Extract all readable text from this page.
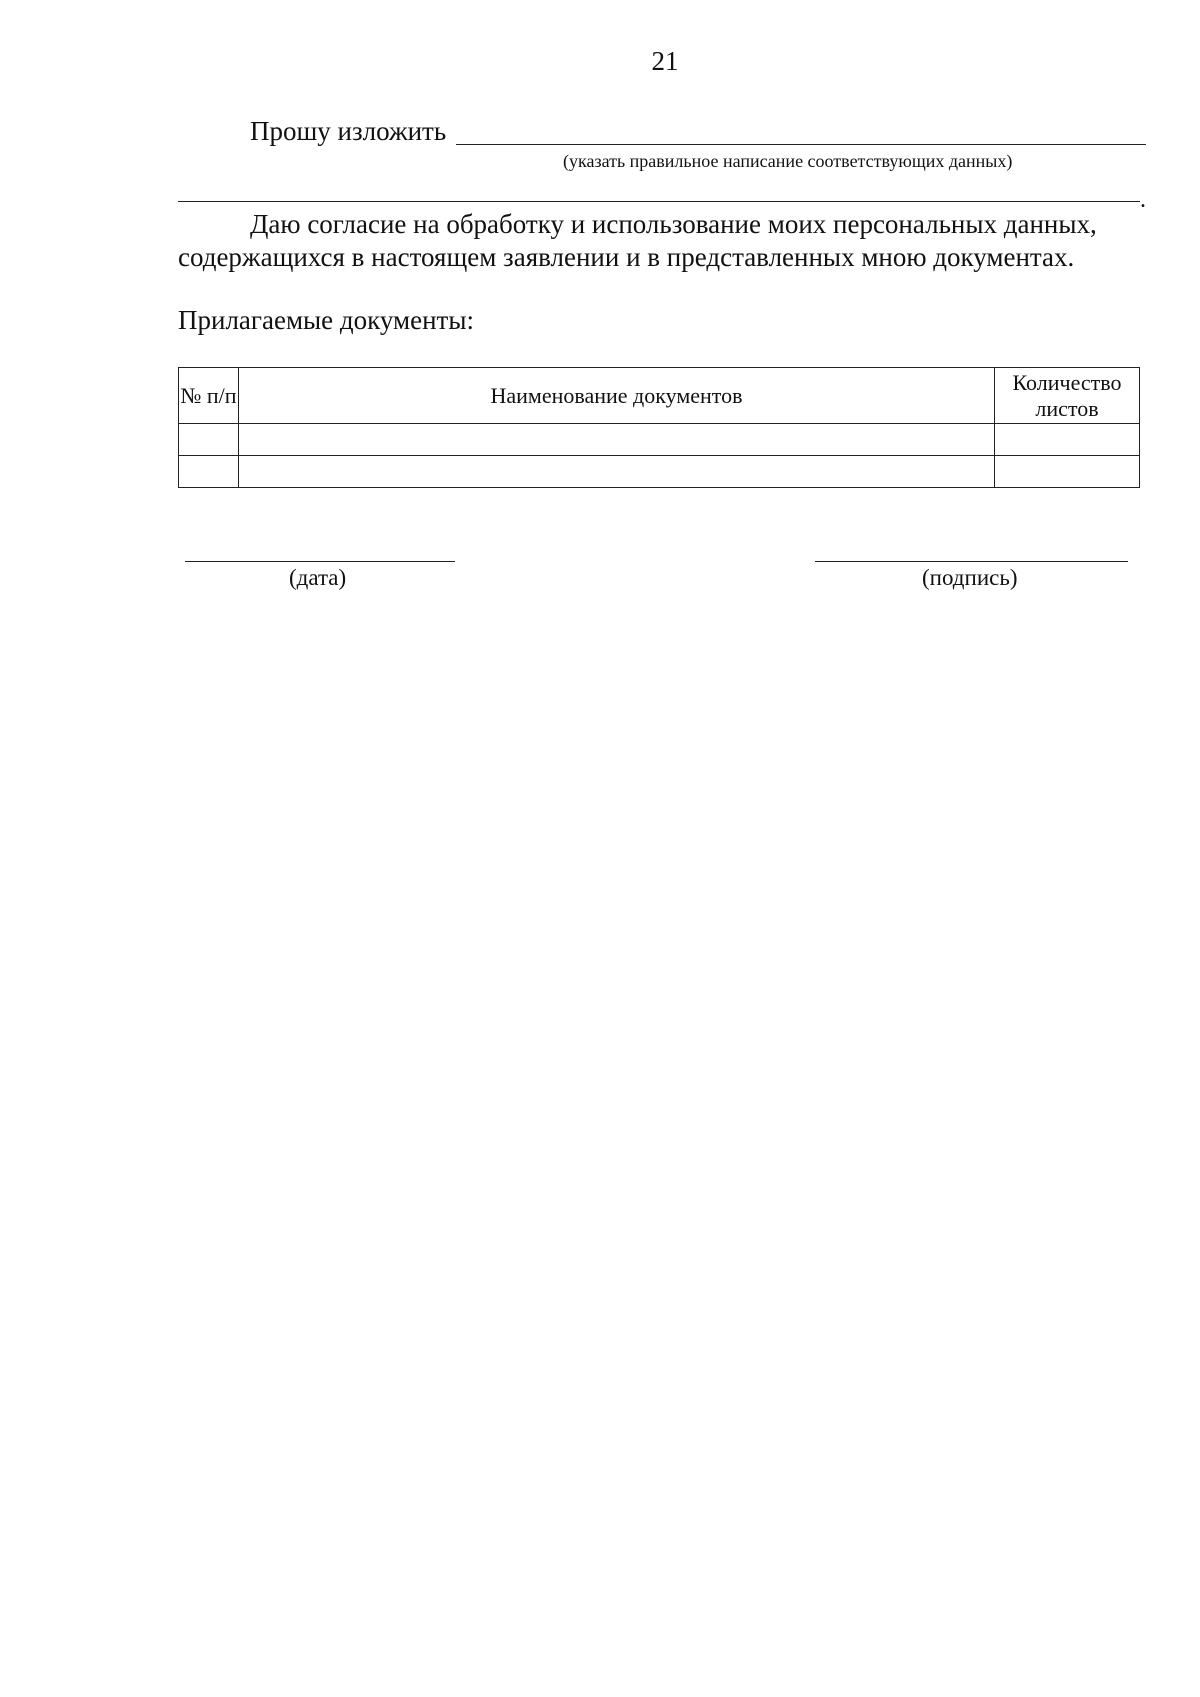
21
Прошу изложить
(указать правильное написание соответствующих данных)
.
Даю согласие на обработку и использование моих персональных данных, содержащихся в настоящем заявлении и в представленных мною документах.
Прилагаемые документы:
№ п/п	Наименование документов	Количество листов

(дата)	(подпись)
